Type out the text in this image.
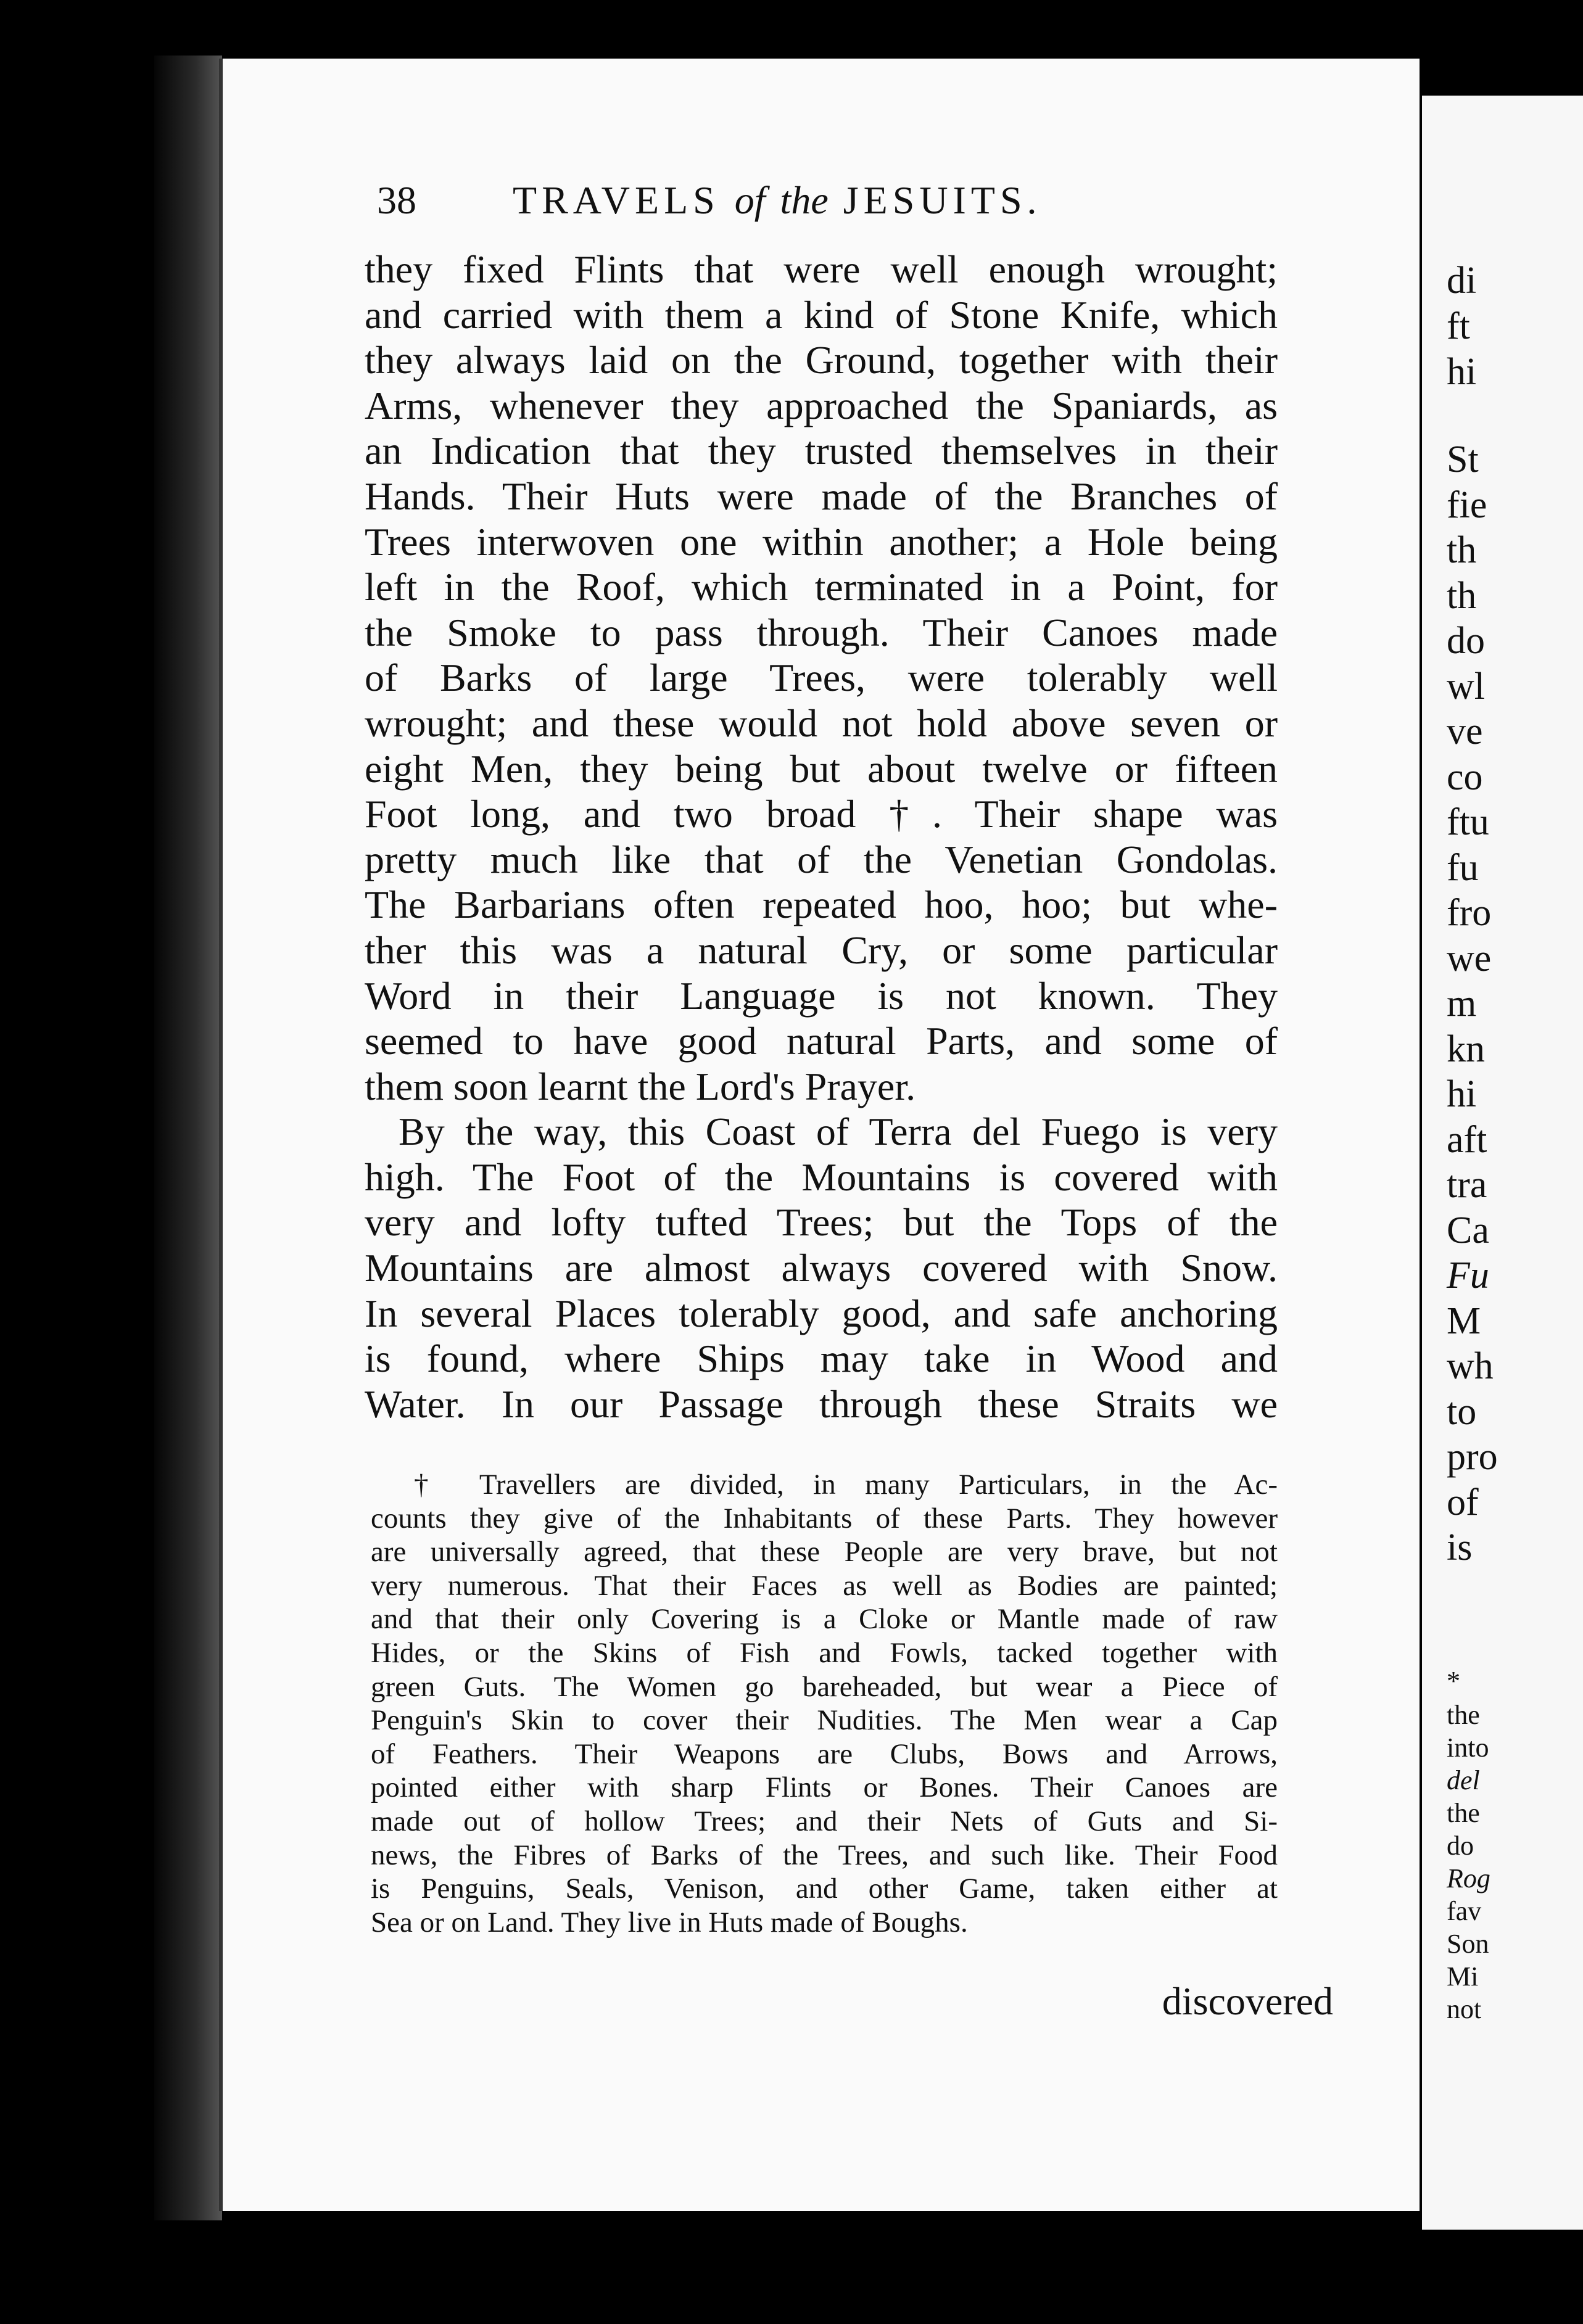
38 TRAVELS of the JESUITS.
they fixed Flints that were well enough wrought;
and carried with them a kind of Stone Knife, which
they always laid on the Ground, together with their
Arms, whenever they approached the Spaniards, as
an Indication that they trusted themselves in their
Hands. Their Huts were made of the Branches of
Trees interwoven one within another; a Hole being
left in the Roof, which terminated in a Point, for
the Smoke to pass through. Their Canoes made
of Barks of large Trees, were tolerably well
wrought; and these would not hold above seven or
eight Men, they being but about twelve or fifteen
Foot long, and two broad †. Their shape was
pretty much like that of the Venetian Gondolas.
The Barbarians often repeated hoo, hoo; but whe-
ther this was a natural Cry, or some particular
Word in their Language is not known. They
seemed to have good natural Parts, and some of
them soon learnt the Lord's Prayer.
By the way, this Coast of Terra del Fuego is very
high. The Foot of the Mountains is covered with
very and lofty tufted Trees; but the Tops of the
Mountains are almost always covered with Snow.
In several Places tolerably good, and safe anchoring
is found, where Ships may take in Wood and
Water. In our Passage through these Straits we
† Travellers are divided, in many Particulars, in the Ac-
counts they give of the Inhabitants of these Parts. They however
are universally agreed, that these People are very brave, but not
very numerous. That their Faces as well as Bodies are painted;
and that their only Covering is a Cloke or Mantle made of raw
Hides, or the Skins of Fish and Fowls, tacked together with
green Guts. The Women go bareheaded, but wear a Piece of
Penguin's Skin to cover their Nudities. The Men wear a Cap
of Feathers. Their Weapons are Clubs, Bows and Arrows,
pointed either with sharp Flints or Bones. Their Canoes are
made out of hollow Trees; and their Nets of Guts and Si-
news, the Fibres of Barks of the Trees, and such like. Their Food
is Penguins, Seals, Venison, and other Game, taken either at
Sea or on Land. They live in Huts made of Boughs.
discovered
di
ft
hi
St
fie
th
th
do
wl
ve
co
ftu
fu
fro
we
m
kn
hi
aft
tra
Ca
Fu
M
wh
to
pro
of
is
*
the
into
del
the
do
Rog
fav
Son
Mi
not
